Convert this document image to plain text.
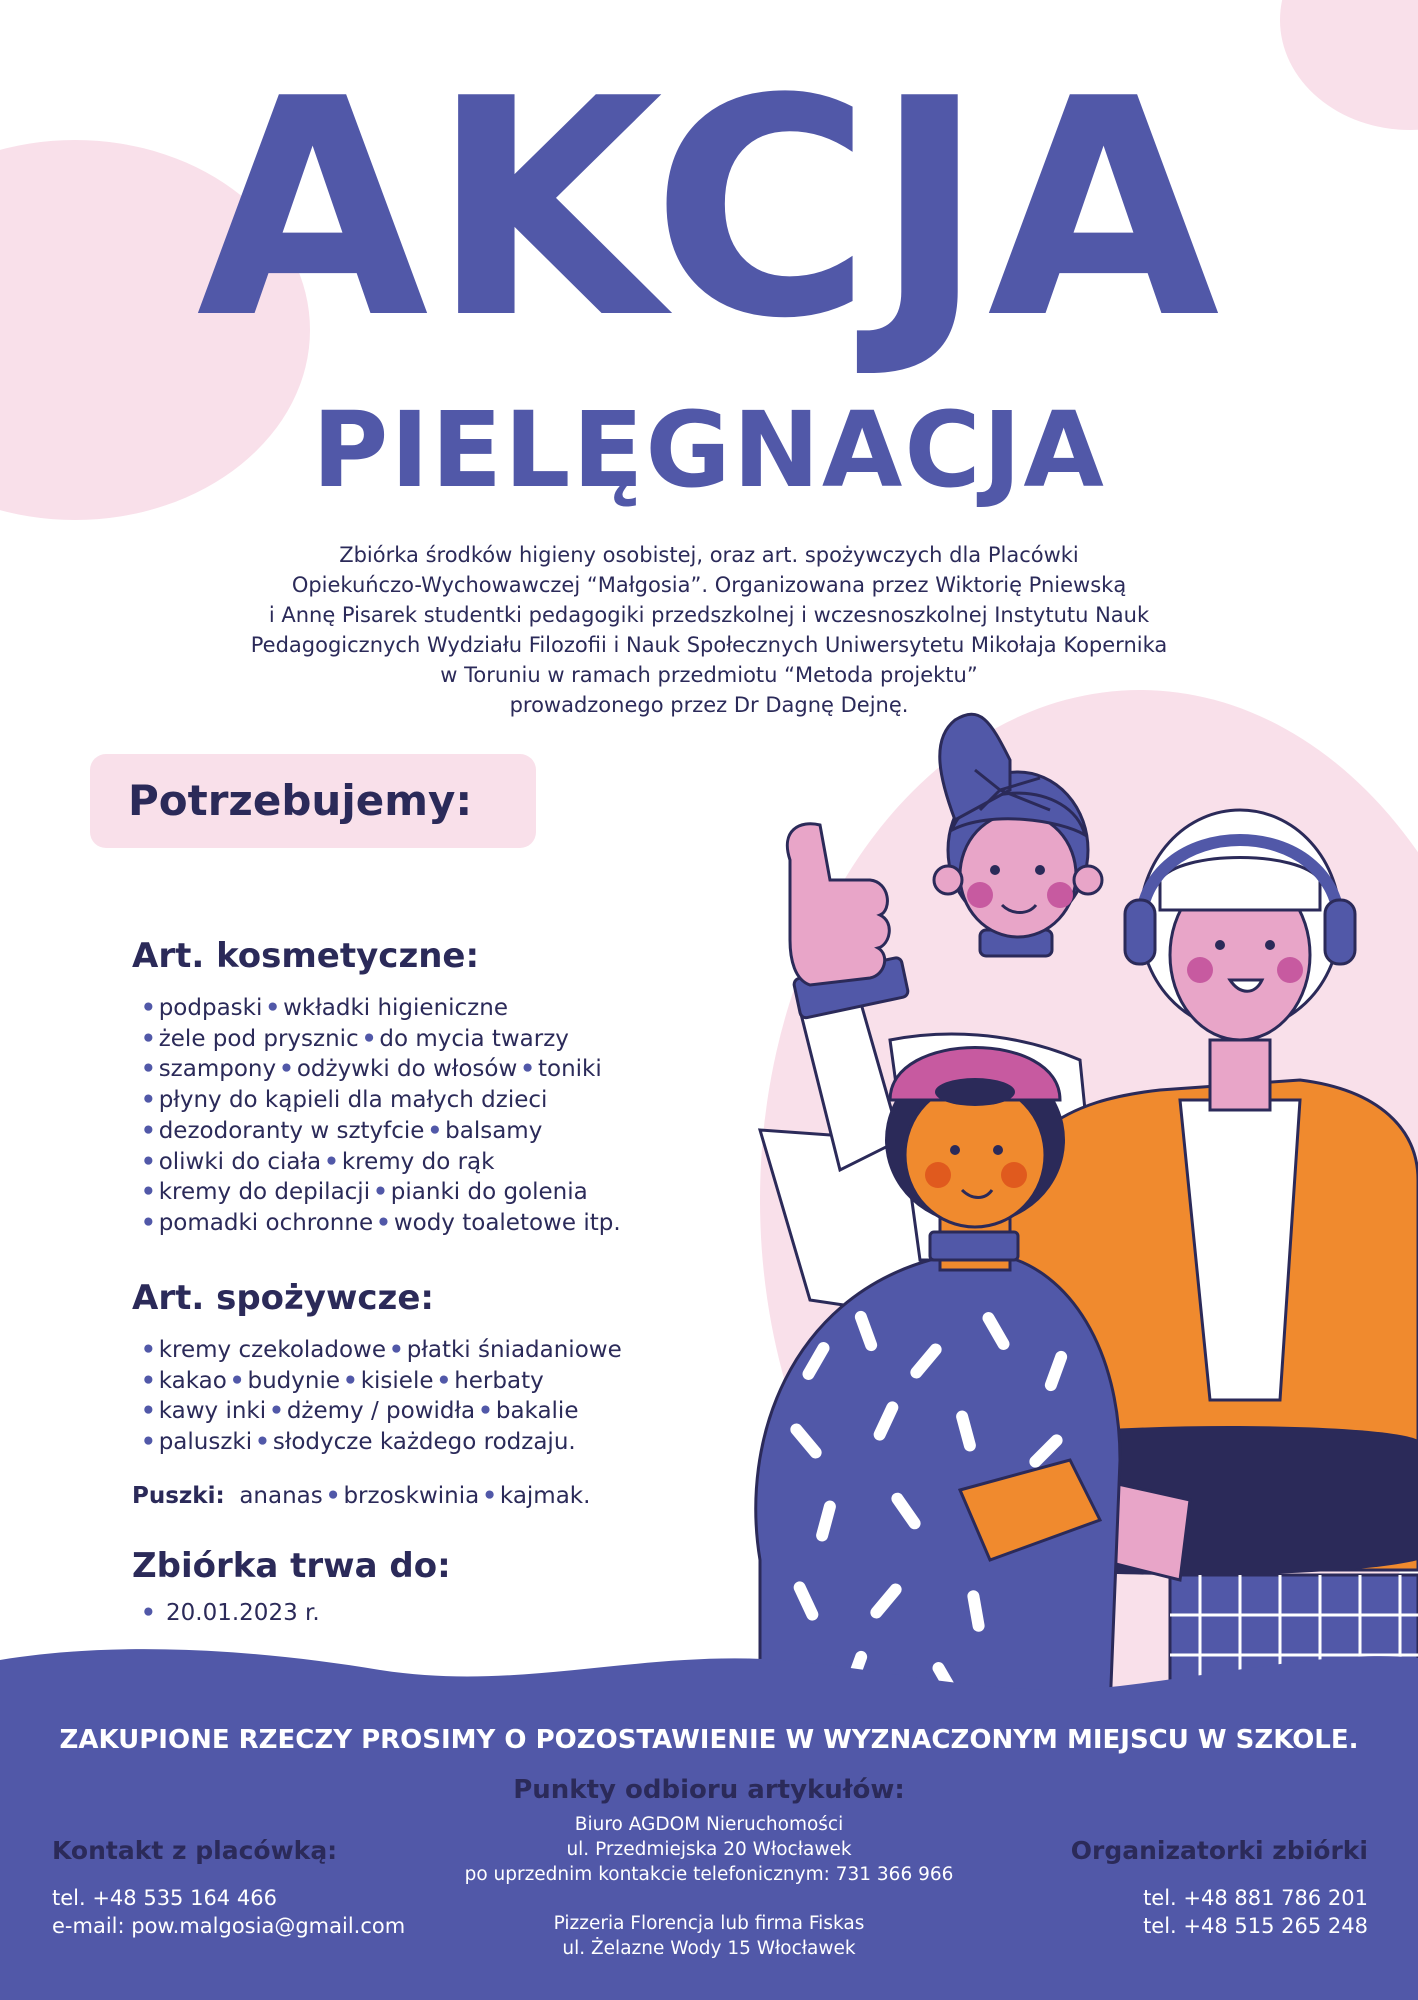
AKCJA
PIELĘGNACJA
Zbiórka środków higieny osobistej, oraz art. spożywczych dla Placówki
Opiekuńczo-Wychowawczej “Małgosia”. Organizowana przez Wiktorię Pniewską
i Annę Pisarek studentki pedagogiki przedszkolnej i wczesnoszkolnej Instytutu Nauk
Pedagogicznych Wydziału Filozofii i Nauk Społecznych Uniwersytetu Mikołaja Kopernika
w Toruniu w ramach przedmiotu “Metoda projektu”
prowadzonego przez Dr Dagnę Dejnę.
Potrzebujemy:
Art. kosmetyczne:
• podpaski • wkładki higieniczne
• żele pod prysznic • do mycia twarzy
• szampony • odżywki do włosów • toniki
• płyny do kąpieli dla małych dzieci
• dezodoranty w sztyfcie • balsamy
• oliwki do ciała • kremy do rąk
• kremy do depilacji • pianki do golenia
• pomadki ochronne • wody toaletowe itp.
Art. spożywcze:
• kremy czekoladowe • płatki śniadaniowe
• kakao • budynie • kisiele • herbaty
• kawy inki • dżemy / powidła • bakalie
• paluszki • słodycze każdego rodzaju.
Puszki: ananas • brzoskwinia • kajmak.
Zbiórka trwa do:
• 20.01.2023 r.
ZAKUPIONE RZECZY PROSIMY O POZOSTAWIENIE W WYZNACZONYM MIEJSCU W SZKOLE.
Punkty odbioru artykułów:
Biuro AGDOM Nieruchomości
ul. Przedmiejska 20 Włocławek
po uprzednim kontakcie telefonicznym: 731 366 966
Pizzeria Florencja lub firma Fiskas
ul. Żelazne Wody 15 Włocławek
Kontakt z placówką:
tel. +48 535 164 466
e-mail: pow.malgosia@gmail.com
Organizatorki zbiórki
tel. +48 881 786 201
tel. +48 515 265 248
